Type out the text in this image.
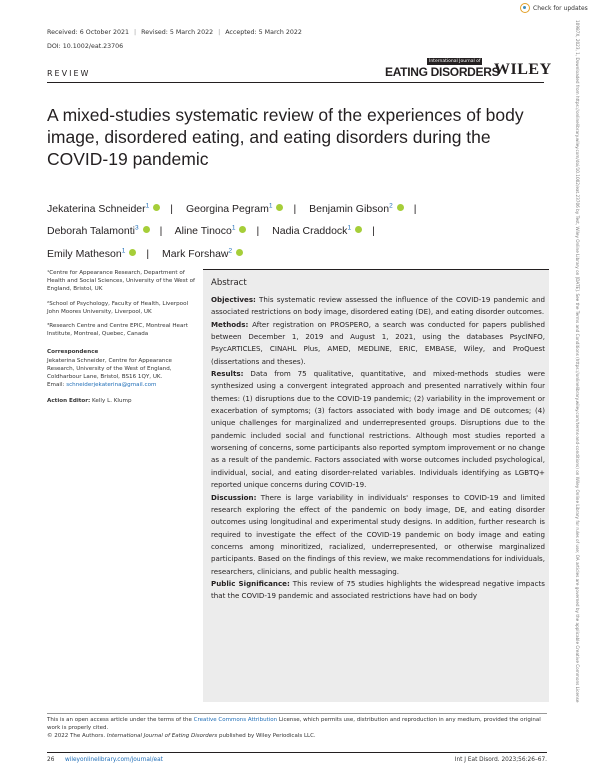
Check for updates
Received: 6 October 2021 | Revised: 5 March 2022 | Accepted: 5 March 2022
DOI: 10.1002/eat.23706
REVIEW
International Journal of
EATING DISORDERS
WILEY
A mixed-studies systematic review of the experiences of body image, disordered eating, and eating disorders during the COVID-19 pandemic
Jekaterina Schneider$^1$ | Georgina Pegram$^1$ | Benjamin Gibson$^2$ |
Deborah Talamonti$^3$ | Aline Tinoco$^1$ | Nadia Craddock$^1$ |
Emily Matheson$^1$ | Mark Forshaw$^2$

¹Centre for Appearance Research, Department of Health and Social Sciences, University of the West of England, Bristol, UK

²School of Psychology, Faculty of Health, Liverpool John Moores University, Liverpool, UK

³Research Centre and Centre EPIC, Montreal Heart Institute, Montreal, Quebec, Canada

Correspondence

Jekaterina Schneider, Centre for Appearance Research, University of the West of England, Coldharbour Lane, Bristol, BS16 1QY, UK.

Email: schneiderjekaterina@gmail.com

Action Editor: Kelly L. Klump

Abstract

Objectives: This systematic review assessed the influence of the COVID-19 pandemic and associated restrictions on body image, disordered eating (DE), and eating disorder outcomes.

Methods: After registration on PROSPERO, a search was conducted for papers published between December 1, 2019 and August 1, 2021, using the databases PsycINFO, PsycARTICLES, CINAHL Plus, AMED, MEDLINE, ERIC, EMBASE, Wiley, and ProQuest (dissertations and theses).

Results: Data from 75 qualitative, quantitative, and mixed-methods studies were synthesized using a convergent integrated approach and presented narratively within four themes: (1) disruptions due to the COVID-19 pandemic; (2) variability in the improvement or exacerbation of symptoms; (3) factors associated with body image and DE outcomes; (4) unique challenges for marginalized and underrepresented groups. Disruptions due to the pandemic included social and functional restrictions. Although most studies reported a worsening of concerns, some participants also reported symptom improvement or no change as a result of the pandemic. Factors associated with worse outcomes included psychological, individual, social, and eating disorder-related variables. Individuals identifying as LGBTQ+ reported unique concerns during COVID-19.

Discussion: There is large variability in individuals' responses to COVID-19 and limited research exploring the effect of the pandemic on body image, DE, and eating disorder outcomes using longitudinal and experimental study designs. In addition, further research is required to investigate the effect of the COVID-19 pandemic on body image and eating concerns among minoritized, racialized, underrepresented, or otherwise marginalized participants. Based on the findings of this review, we make recommendations for individuals, researchers, clinicians, and public health messaging.

Public Significance: This review of 75 studies highlights the widespread negative impacts that the COVID-19 pandemic and associated restrictions have had on body

This is an open access article under the terms of the Creative Commons Attribution License, which permits use, distribution and reproduction in any medium, provided the original work is properly cited.
© 2022 The Authors. International Journal of Eating Disorders published by Wiley Periodicals LLC.
26 wileyonlinelibrary.com/journal/eat	Int J Eat Disord. 2023;56:26–67.
10987X, 2023, 1, Downloaded from https://onlinelibrary.wiley.com/doi/10.1002/eat.23706 by Test, Wiley Online Library on [DATE]. See the Terms and Conditions (https://onlinelibrary.wiley.com/terms-and-conditions) on Wiley Online Library for rules of use; OA articles are governed by the applicable Creative Commons License
